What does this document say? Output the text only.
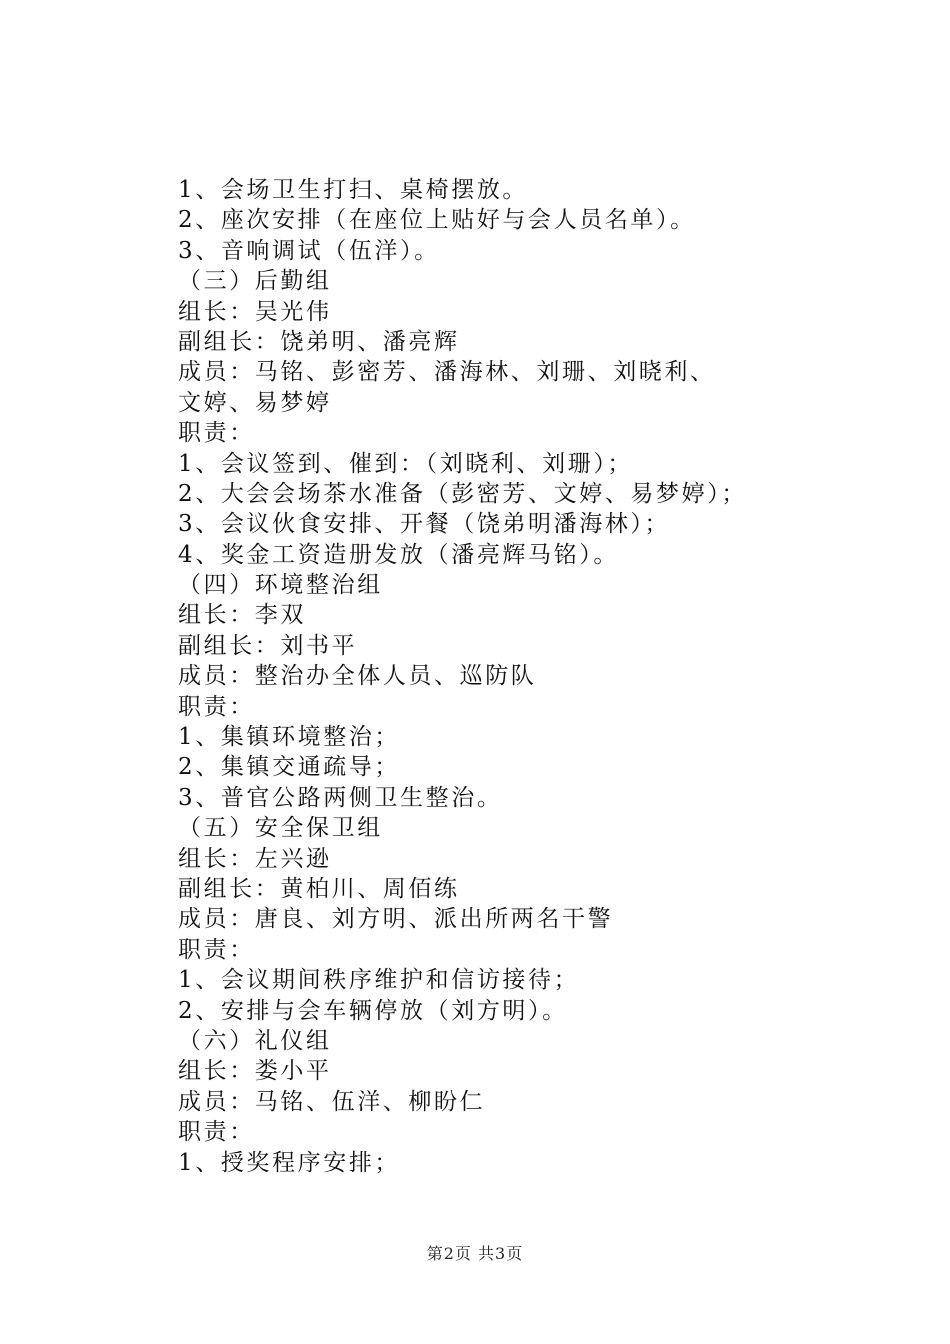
1、会场卫生打扫、桌椅摆放。
2、座次安排（在座位上贴好与会人员名单）。
3、音响调试（伍洋）。
（三）后勤组
组长：吴光伟
副组长：饶弟明、潘亮辉
成员：马铭、彭密芳、潘海林、刘珊、刘晓利、
文婷、易梦婷
职责：
1、会议签到、催到：（刘晓利、刘珊）；
2、大会会场茶水准备（彭密芳、文婷、易梦婷）；
3、会议伙食安排、开餐（饶弟明潘海林）；
4、奖金工资造册发放（潘亮辉马铭）。
（四）环境整治组
组长：李双
副组长：刘书平
成员：整治办全体人员、巡防队
职责：
1、集镇环境整治；
2、集镇交通疏导；
3、普官公路两侧卫生整治。
（五）安全保卫组
组长：左兴逊
副组长：黄柏川、周佰练
成员：唐良、刘方明、派出所两名干警
职责：
1、会议期间秩序维护和信访接待；
2、安排与会车辆停放（刘方明）。
（六）礼仪组
组长：娄小平
成员：马铭、伍洋、柳盼仁
职责：
1、授奖程序安排；
第2页 共3页
